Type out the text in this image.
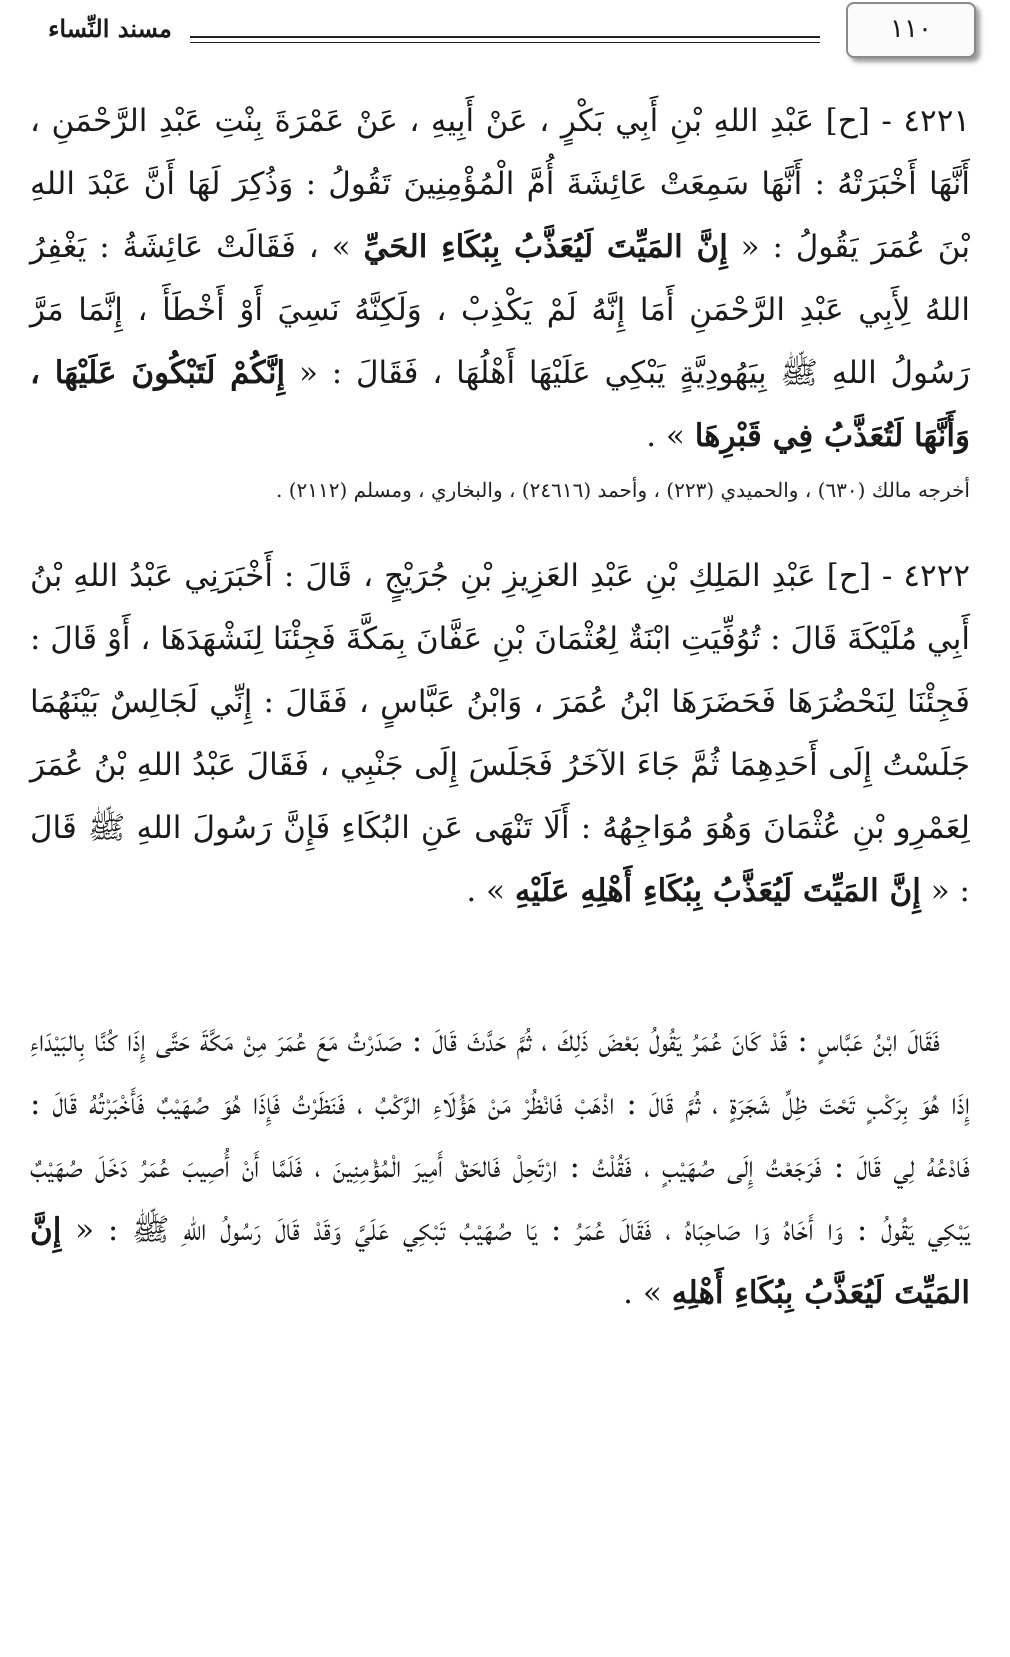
١١٠
مسند النِّساء
٤٢٢١ - [ح] عَبْدِ اللهِ بْنِ أَبِي بَكْرٍ ، عَنْ أَبِيهِ ، عَنْ عَمْرَةَ بِنْتِ عَبْدِ الرَّحْمَنِ ، أَنَّهَا أَخْبَرَتْهُ : أَنَّهَا سَمِعَتْ عَائِشَةَ أُمَّ الْمُؤْمِنِينَ تَقُولُ : وَذُكِرَ لَهَا أَنَّ عَبْدَ اللهِ بْنَ عُمَرَ يَقُولُ : « إِنَّ المَيِّتَ لَيُعَذَّبُ بِبُكَاءِ الحَيِّ » ، فَقَالَتْ عَائِشَةُ : يَغْفِرُ اللهُ لِأَبِي عَبْدِ الرَّحْمَنِ أَمَا إِنَّهُ لَمْ يَكْذِبْ ، وَلَكِنَّهُ نَسِيَ أَوْ أَخْطَأَ ، إِنَّمَا مَرَّ رَسُولُ اللهِ ﷺ بِيَهُودِيَّةٍ يَبْكِي عَلَيْهَا أَهْلُهَا ، فَقَالَ : « إِنَّكُمْ لَتَبْكُونَ عَلَيْهَا ، وَأَنَّهَا لَتُعَذَّبُ فِي قَبْرِهَا » .
أخرجه مالك (٦٣٠) ، والحميدي (٢٢٣) ، وأحمد (٢٤٦١٦) ، والبخاري ، ومسلم (٢١١٢) .
٤٢٢٢ - [ح] عَبْدِ المَلِكِ بْنِ عَبْدِ العَزِيزِ بْنِ جُرَيْجٍ ، قَالَ : أَخْبَرَنِي عَبْدُ اللهِ بْنُ أَبِي مُلَيْكَةَ قَالَ : تُوُفِّيَتِ ابْنَةٌ لِعُثْمَانَ بْنِ عَفَّانَ بِمَكَّةَ فَجِئْنَا لِنَشْهَدَهَا ، أَوْ قَالَ : فَجِئْنَا لِنَحْضُرَهَا فَحَضَرَهَا ابْنُ عُمَرَ ، وَابْنُ عَبَّاسٍ ، فَقَالَ : إِنِّي لَجَالِسٌ بَيْنَهُمَا جَلَسْتُ إِلَى أَحَدِهِمَا ثُمَّ جَاءَ الآخَرُ فَجَلَسَ إِلَى جَنْبِي ، فَقَالَ عَبْدُ اللهِ بْنُ عُمَرَ لِعَمْرِو بْنِ عُثْمَانَ وَهُوَ مُوَاجِهُهُ : أَلَا تَنْهَى عَنِ البُكَاءِ فَإِنَّ رَسُولَ اللهِ ﷺ قَالَ : « إِنَّ المَيِّتَ لَيُعَذَّبُ بِبُكَاءِ أَهْلِهِ عَلَيْهِ » .
فَقَالَ ابْنُ عَبَّاسٍ : قَدْ كَانَ عُمَرُ يَقُولُ بَعْضَ ذَلِكَ ، ثُمَّ حَدَّثَ قَالَ : صَدَرْتُ مَعَ عُمَرَ مِنْ مَكَّةَ حَتَّى إِذَا كُنَّا بِالبَيْدَاءِ إِذَا هُوَ بِرَكْبٍ تَحْتَ ظِلِّ شَجَرَةٍ ، ثُمَّ قَالَ : اذْهَبْ فَانْظُرْ مَنْ هَؤُلَاءِ الرَّكْبُ ، فَنَظَرْتُ فَإِذَا هُوَ صُهَيْبٌ فَأَخْبَرْتُهُ قَالَ : فَادْعُهُ لِي قَالَ : فَرَجَعْتُ إِلَى صُهَيْبٍ ، فَقُلْتُ : ارْتَحِلْ فَالحَقْ أَمِيرَ الْمُؤْمِنِينَ ، فَلَمَّا أَنْ أُصِيبَ عُمَرُ دَخَلَ صُهَيْبٌ يَبْكِي يَقُولُ : وَا أَخَاهُ وَا صَاحِبَاهُ ، فَقَالَ عُمَرُ : يَا صُهَيْبُ تَبْكِي عَلَيَّ وَقَدْ قَالَ رَسُولُ اللهِ ﷺ : « إِنَّ المَيِّتَ لَيُعَذَّبُ بِبُكَاءِ أَهْلِهِ » .
